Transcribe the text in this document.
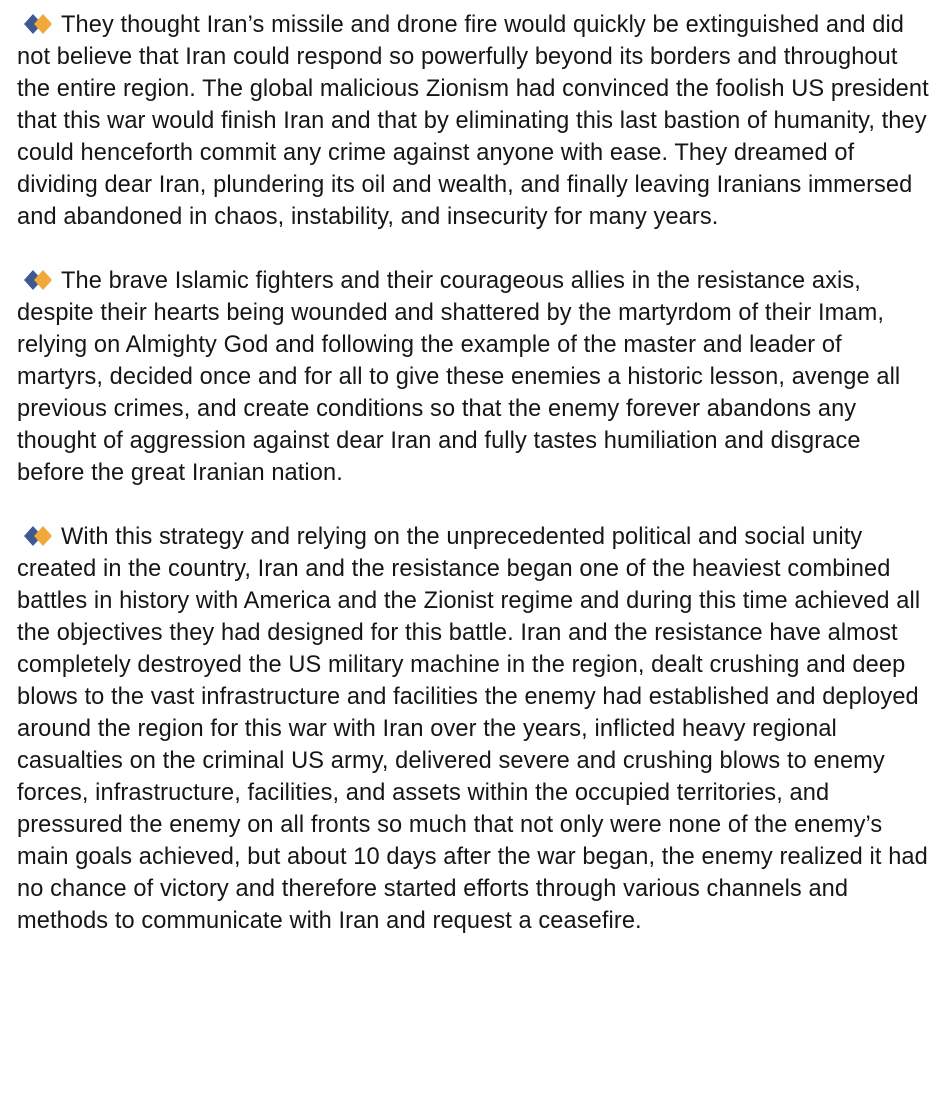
They thought Iran’s missile and drone fire would quickly be extinguished and did not believe that Iran could respond so powerfully beyond its borders and throughout the entire region. The global malicious Zionism had convinced the foolish US president that this war would finish Iran and that by eliminating this last bastion of humanity, they could henceforth commit any crime against anyone with ease. They dreamed of dividing dear Iran, plundering its oil and wealth, and finally leaving Iranians immersed and abandoned in chaos, instability, and insecurity for many years.

The brave Islamic fighters and their courageous allies in the resistance axis, despite their hearts being wounded and shattered by the martyrdom of their Imam, relying on Almighty God and following the example of the master and leader of martyrs, decided once and for all to give these enemies a historic lesson, avenge all previous crimes, and create conditions so that the enemy forever abandons any thought of aggression against dear Iran and fully tastes humiliation and disgrace before the great Iranian nation.

With this strategy and relying on the unprecedented political and social unity created in the country, Iran and the resistance began one of the heaviest combined battles in history with America and the Zionist regime and during this time achieved all the objectives they had designed for this battle. Iran and the resistance have almost completely destroyed the US military machine in the region, dealt crushing and deep blows to the vast infrastructure and facilities the enemy had established and deployed around the region for this war with Iran over the years, inflicted heavy regional casualties on the criminal US army, delivered severe and crushing blows to enemy forces, infrastructure, facilities, and assets within the occupied territories, and pressured the enemy on all fronts so much that not only were none of the enemy’s main goals achieved, but about 10 days after the war began, the enemy realized it had no chance of victory and therefore started efforts through various channels and methods to communicate with Iran and request a ceasefire.
